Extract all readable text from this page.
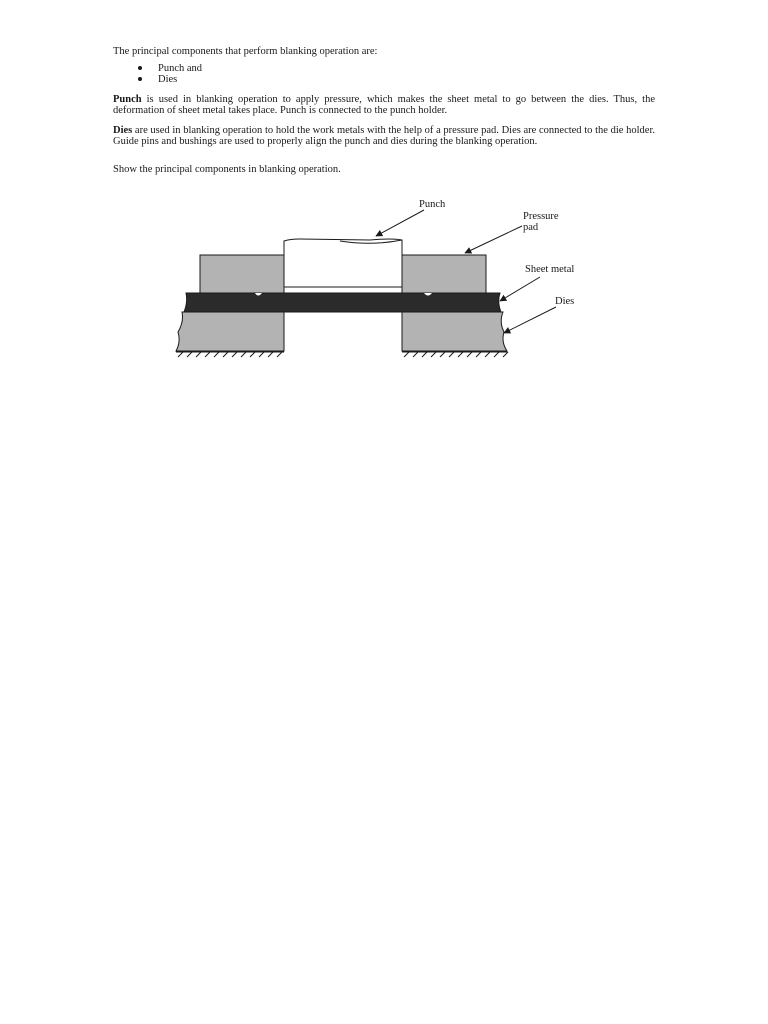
The principal components that perform blanking operation are:

Punch and
Dies

Punch is used in blanking operation to apply pressure, which makes the sheet metal to go between the dies. Thus, the deformation of sheet metal takes place. Punch is connected to the punch holder.

Dies are used in blanking operation to hold the work metals with the help of a pressure pad. Dies are connected to the die holder. Guide pins and bushings are used to properly align the punch and dies during the blanking operation.

Show the principal components in blanking operation.

Punch
Pressure
pad
Sheet metal
Dies
